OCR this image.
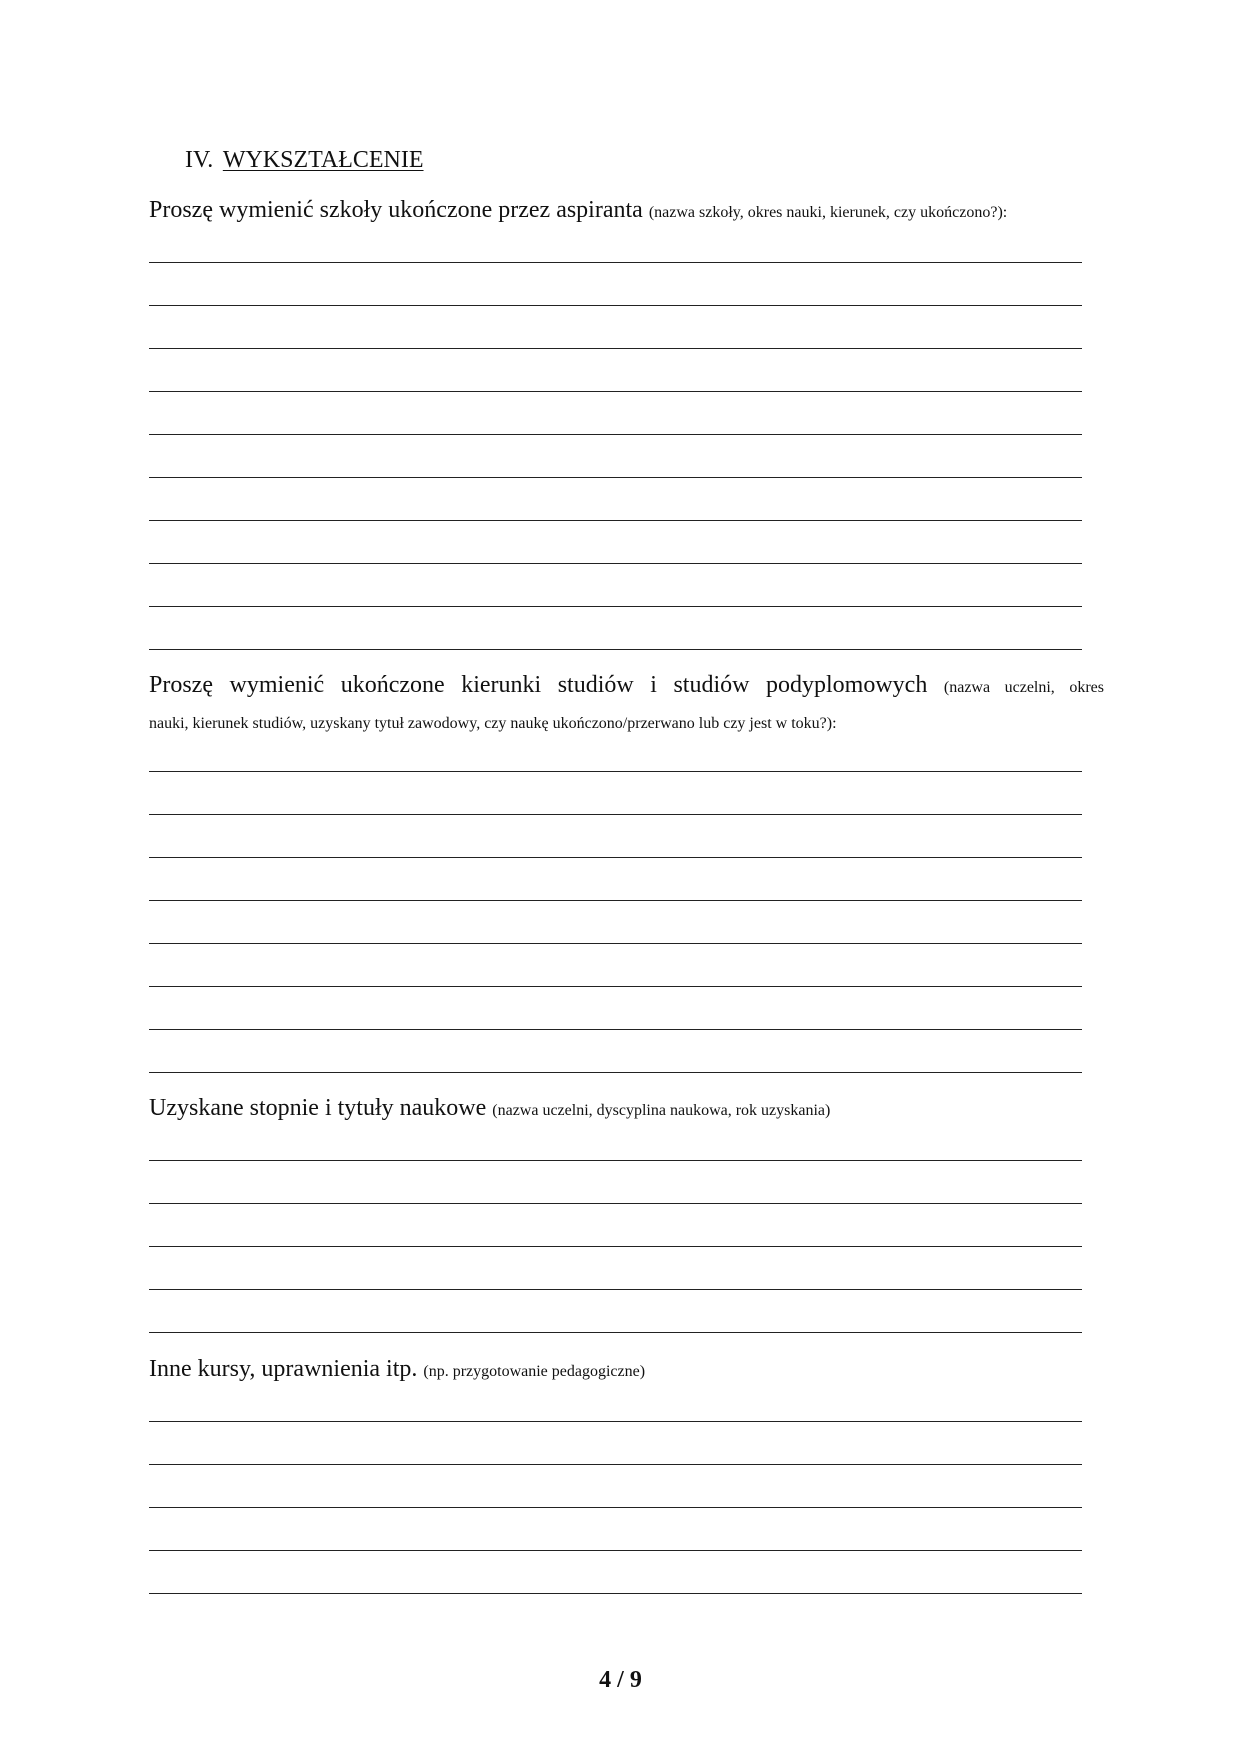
IV. WYKSZTAŁCENIE
Proszę wymienić szkoły ukończone przez aspiranta (nazwa szkoły, okres nauki, kierunek, czy ukończono?):
Proszę wymienić ukończone kierunki studiów i studiów podyplomowych (nazwa uczelni, okres
nauki, kierunek studiów, uzyskany tytuł zawodowy, czy naukę ukończono/przerwano lub czy jest w toku?):
Uzyskane stopnie i tytuły naukowe (nazwa uczelni, dyscyplina naukowa, rok uzyskania)
Inne kursy, uprawnienia itp. (np. przygotowanie pedagogiczne)
4 / 9
